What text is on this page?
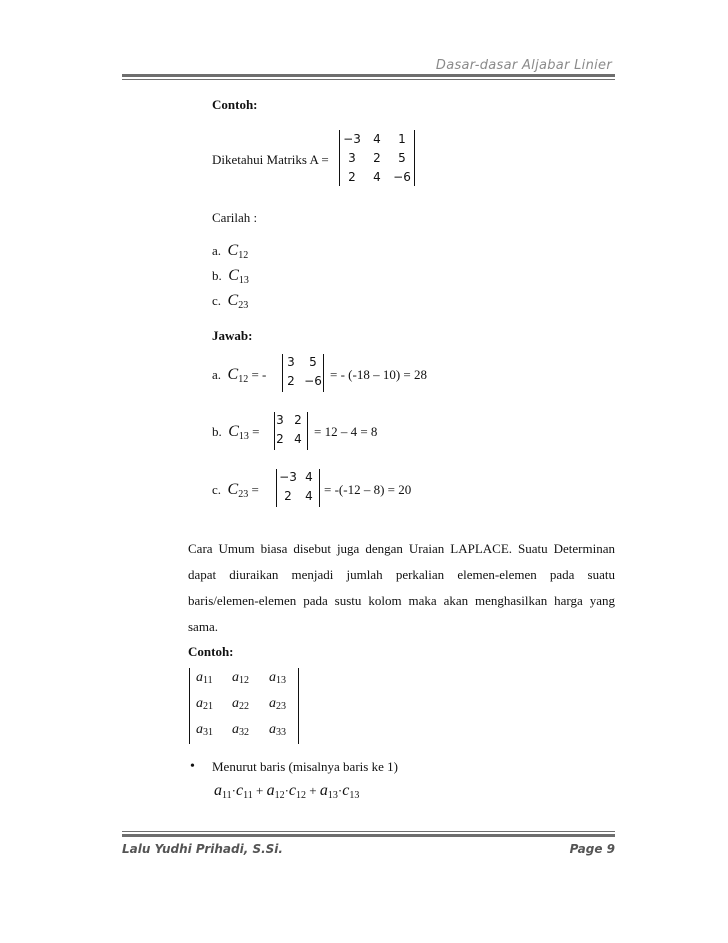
Dasar-dasar Aljabar Linier
Contoh:
Diketahui Matriks A =
−3	4	1
3	2	5
2	4	−6
Carilah :
a. $C_{12}$
b. $C_{13}$
c. $C_{23}$
Jawab:
a. $C_{12}$ = -
3	5
2 −6 = - (-18 – 10) = 28
b. $C_{13}$ =
3 2
2 4 = 12 – 4 = 8
c. $C_{23}$ =
−3 4
2	4 = -(-12 – 8) = 20
Cara Umum biasa disebut juga dengan Uraian LAPLACE. Suatu Determinan dapat diuraikan menjadi jumlah perkalian elemen-elemen pada suatu baris/elemen-elemen pada sustu kolom maka akan menghasilkan harga yang sama.
Contoh:
a11 a12 a13
a21 a22 a23
a31 a32 a33
• Menurut baris (misalnya baris ke 1)
$a_{11}\cdot c_{11} + a_{12}\cdot c_{12} + a_{13}\cdot c_{13}$
Lalu Yudhi Prihadi, S.Si.	Page 9
